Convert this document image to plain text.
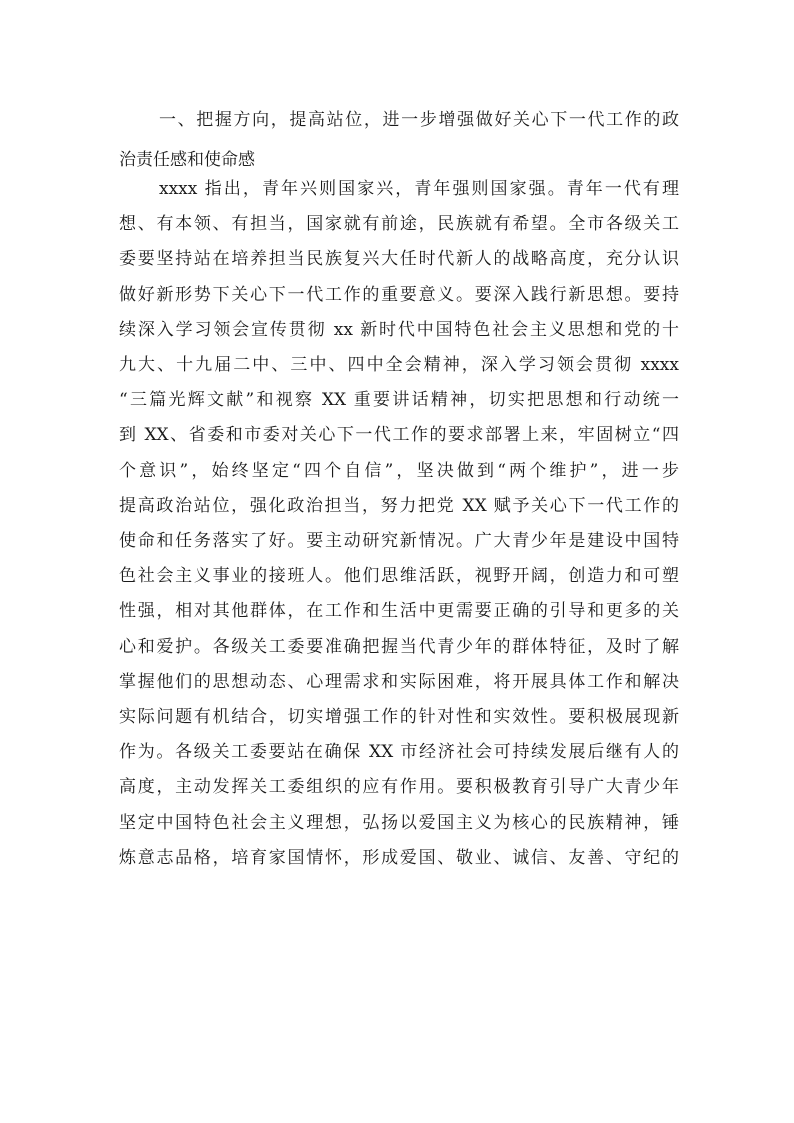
一、把握方向，提高站位，进一步增强做好关心下一代工作的政
治责任感和使命感
xxxx 指出，青年兴则国家兴，青年强则国家强。青年一代有理
想、有本领、有担当，国家就有前途，民族就有希望。全市各级关工
委要坚持站在培养担当民族复兴大任时代新人的战略高度，充分认识
做好新形势下关心下一代工作的重要意义。要深入践行新思想。要持
续深入学习领会宣传贯彻 xx 新时代中国特色社会主义思想和党的十
九大、十九届二中、三中、四中全会精神，深入学习领会贯彻 xxxx
“三篇光辉文献”和视察 XX 重要讲话精神，切实把思想和行动统一
到 XX、省委和市委对关心下一代工作的要求部署上来，牢固树立“四
个意识”，始终坚定“四个自信”，坚决做到“两个维护”，进一步
提高政治站位，强化政治担当，努力把党 XX 赋予关心下一代工作的
使命和任务落实了好。要主动研究新情况。广大青少年是建设中国特
色社会主义事业的接班人。他们思维活跃，视野开阔，创造力和可塑
性强，相对其他群体，在工作和生活中更需要正确的引导和更多的关
心和爱护。各级关工委要准确把握当代青少年的群体特征，及时了解
掌握他们的思想动态、心理需求和实际困难，将开展具体工作和解决
实际问题有机结合，切实增强工作的针对性和实效性。要积极展现新
作为。各级关工委要站在确保 XX 市经济社会可持续发展后继有人的
高度，主动发挥关工委组织的应有作用。要积极教育引导广大青少年
坚定中国特色社会主义理想，弘扬以爱国主义为核心的民族精神，锤
炼意志品格，培育家国情怀，形成爱国、敬业、诚信、友善、守纪的
